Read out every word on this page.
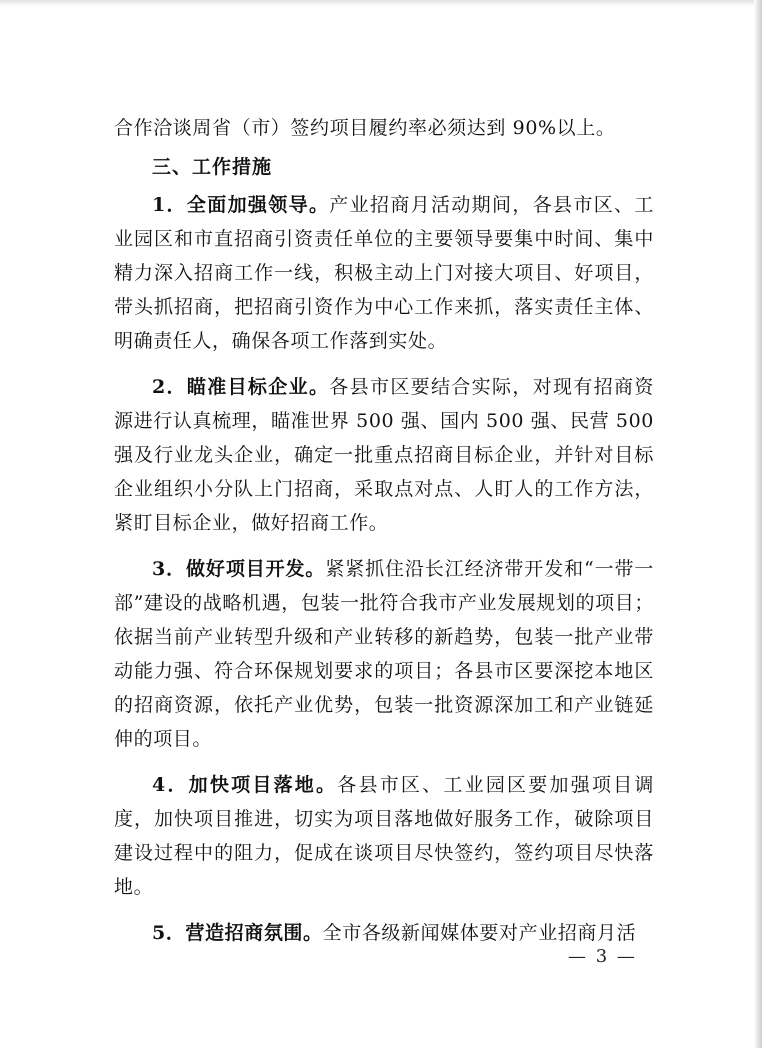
合作洽谈周省（市）签约项目履约率必须达到 90%以上。

三、工作措施

1．全面加强领导。产业招商月活动期间，各县市区、工业园区和市直招商引资责任单位的主要领导要集中时间、集中精力深入招商工作一线，积极主动上门对接大项目、好项目，带头抓招商，把招商引资作为中心工作来抓，落实责任主体、明确责任人，确保各项工作落到实处。

2．瞄准目标企业。各县市区要结合实际，对现有招商资源进行认真梳理，瞄准世界 500 强、国内 500 强、民营 500 强及行业龙头企业，确定一批重点招商目标企业，并针对目标企业组织小分队上门招商，采取点对点、人盯人的工作方法，紧盯目标企业，做好招商工作。

3．做好项目开发。紧紧抓住沿长江经济带开发和“一带一部”建设的战略机遇，包装一批符合我市产业发展规划的项目；依据当前产业转型升级和产业转移的新趋势，包装一批产业带动能力强、符合环保规划要求的项目；各县市区要深挖本地区的招商资源，依托产业优势，包装一批资源深加工和产业链延伸的项目。

4．加快项目落地。各县市区、工业园区要加强项目调度，加快项目推进，切实为项目落地做好服务工作，破除项目建设过程中的阻力，促成在谈项目尽快签约，签约项目尽快落地。

5．营造招商氛围。全市各级新闻媒体要对产业招商月活

— 3 —
